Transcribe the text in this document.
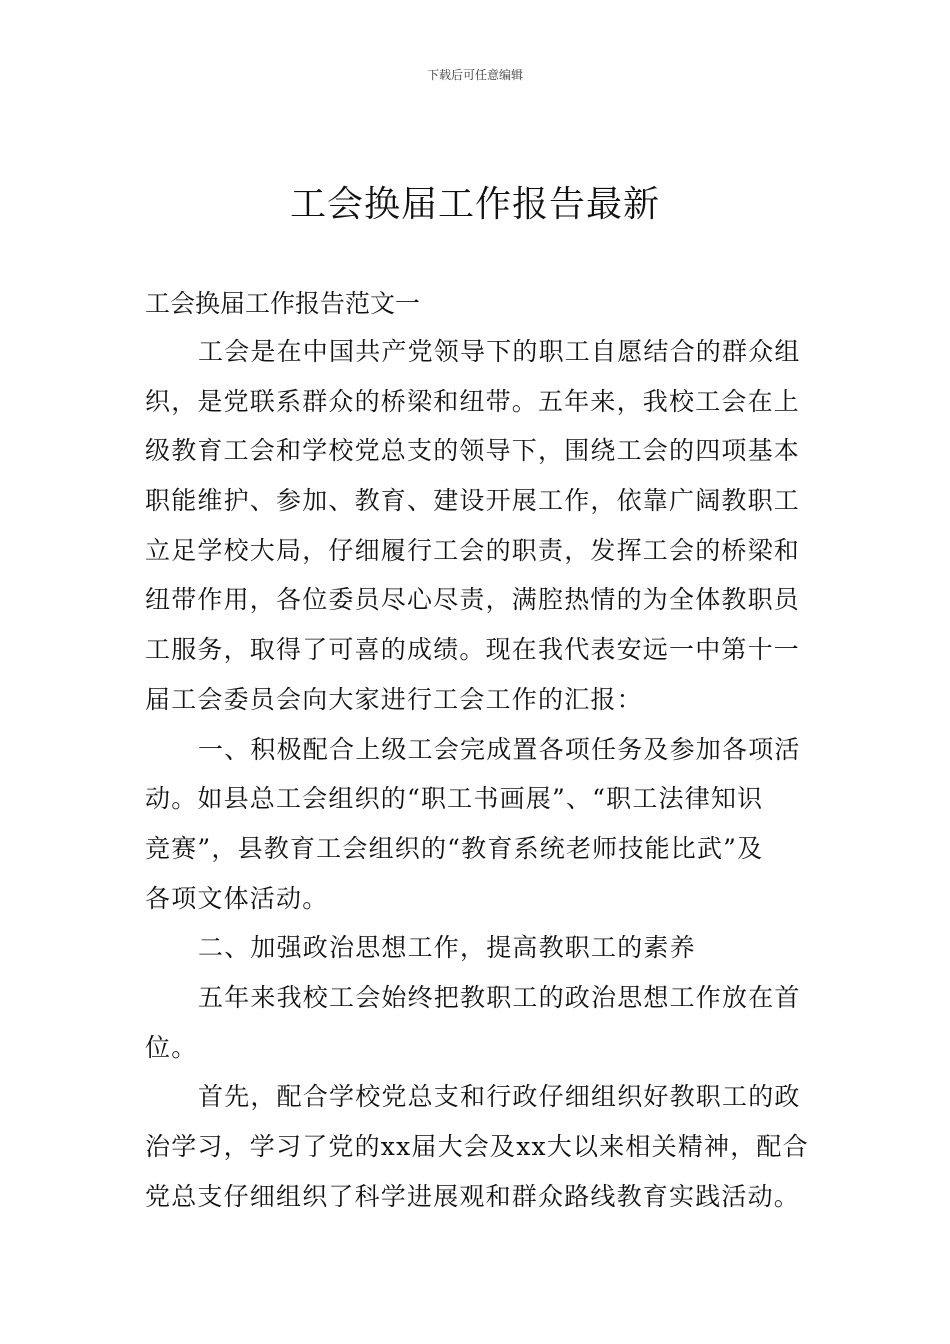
下载后可任意编辑
工会换届工作报告最新
工会换届工作报告范文一
工会是在中国共产党领导下的职工自愿结合的群众组
织，是党联系群众的桥梁和纽带。五年来，我校工会在上
级教育工会和学校党总支的领导下，围绕工会的四项基本
职能维护、参加、教育、建设开展工作，依靠广阔教职工
立足学校大局，仔细履行工会的职责，发挥工会的桥梁和
纽带作用，各位委员尽心尽责，满腔热情的为全体教职员
工服务，取得了可喜的成绩。现在我代表安远一中第十一
届工会委员会向大家进行工会工作的汇报：
一、积极配合上级工会完成置各项任务及参加各项活
动。如县总工会组织的“职工书画展”、“职工法律知识
竞赛”，县教育工会组织的“教育系统老师技能比武”及
各项文体活动。
二、加强政治思想工作，提高教职工的素养
五年来我校工会始终把教职工的政治思想工作放在首
位。
首先，配合学校党总支和行政仔细组织好教职工的政
治学习，学习了党的xx届大会及xx大以来相关精神，配合
党总支仔细组织了科学进展观和群众路线教育实践活动。
